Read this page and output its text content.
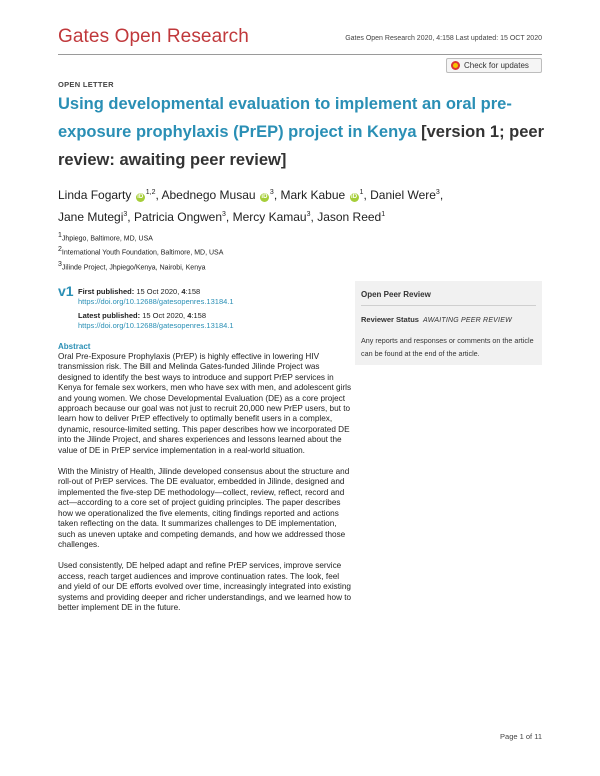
Gates Open Research	Gates Open Research 2020, 4:158 Last updated: 15 OCT 2020
OPEN LETTER
Check for updates
Using developmental evaluation to implement an oral pre-exposure prophylaxis (PrEP) project in Kenya [version 1; peer review: awaiting peer review]
Linda Fogarty iD$^{1,2}$, Abednego Musau $iD^3$, Mark Kabue $iD^1$, Daniel Were$^3$,
Jane Mutegi$^3$, Patricia Ongwen$^3$, Mercy Kamau$^3$, Jason Reed$^1$
$^1$Jhpiego, Baltimore, MD, USA
$^2$International Youth Foundation, Baltimore, MD, USA
$^3$Jilinde Project, Jhpiego/Kenya, Nairobi, Kenya
v1 First published: 15 Oct 2020, 4:158
https://doi.org/10.12688/gatesopenres.13184.1
Latest published: 15 Oct 2020, 4:158
https://doi.org/10.12688/gatesopenres.13184.1
Abstract

Oral Pre-Exposure Prophylaxis (PrEP) is highly effective in lowering HIV transmission risk. The Bill and Melinda Gates-funded Jilinde Project was designed to identify the best ways to introduce and support PrEP services in Kenya for female sex workers, men who have sex with men, and adolescent girls and young women. We chose Developmental Evaluation (DE) as a core project approach because our goal was not just to recruit 20,000 new PrEP users, but to learn how to deliver PrEP effectively to optimally benefit users in a complex, dynamic, resource-limited setting. This paper describes how we incorporated DE into the Jilinde Project, and shares experiences and lessons learned about the value of DE in PrEP service implementation in a real-world situation.

With the Ministry of Health, Jilinde developed consensus about the structure and roll-out of PrEP services. The DE evaluator, embedded in Jilinde, designed and implemented the five-step DE methodology—collect, review, reflect, record and act—according to a core set of project guiding principles. The paper describes how we operationalized the five elements, citing findings reported and actions taken reflecting on the data. It summarizes challenges to DE implementation, such as uneven uptake and competing demands, and how we addressed those challenges.

Used consistently, DE helped adapt and refine PrEP services, improve service access, reach target audiences and improve continuation rates. The look, feel and yield of our DE efforts evolved over time, increasingly integrated into existing systems and providing deeper and richer understandings, and we learned how to better implement DE in the future.

Open Peer Review
Reviewer Status AWAITING PEER REVIEW
Any reports and responses or comments on the article can be found at the end of the article.
Page 1 of 11
